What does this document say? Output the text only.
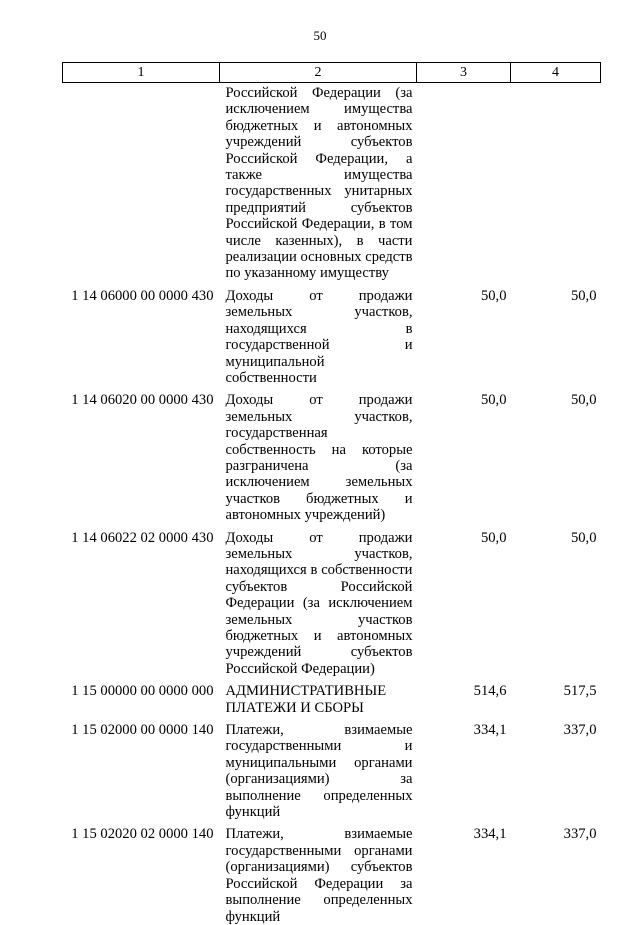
50
1	2	3	4
	Российской Федерации (за исключением имущества бюджетных и автономных учреждений субъектов Российской Федерации, а также имущества государственных унитарных предприятий субъектов Российской Федерации, в том числе казенных), в части реализации основных средств по указанному имуществу		
1 14 06000 00 0000 430	Доходы от продажи земельных участков, находящихся в государственной и муниципальной собственности	50,0	50,0
1 14 06020 00 0000 430	Доходы от продажи земельных участков, государственная собственность на которые разграничена (за исключением земельных участков бюджетных и автономных учреждений)	50,0	50,0
1 14 06022 02 0000 430	Доходы от продажи земельных участков, находящихся в собственности субъектов Российской Федерации (за исключением земельных участков бюджетных и автономных учреждений субъектов Российской Федерации)	50,0	50,0
1 15 00000 00 0000 000	АДМИНИСТРАТИВНЫЕ ПЛАТЕЖИ И СБОРЫ	514,6	517,5
1 15 02000 00 0000 140	Платежи, взимаемые государственными и муниципальными органами (организациями) за выполнение определенных функций	334,1	337,0
1 15 02020 02 0000 140	Платежи, взимаемые государственными органами (организациями) субъектов Российской Федерации за выполнение определенных функций	334,1	337,0
